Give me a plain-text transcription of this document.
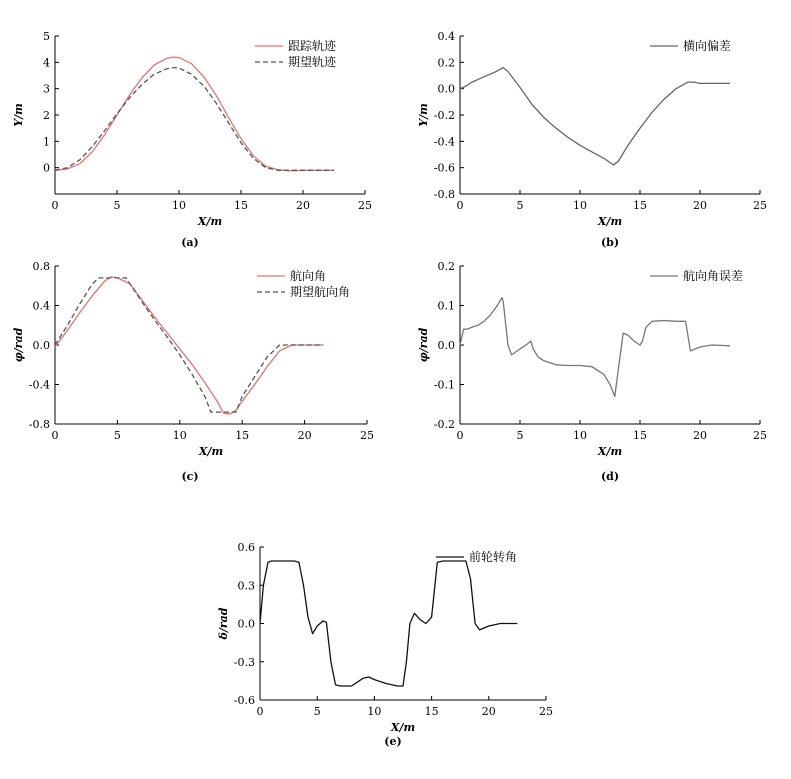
0	5	10	15	20	25
0
1
2
3
4
5
X/m
Y/m
跟踪轨迹
期望轨迹
(a)
0	5	10	15	20	25
0.4
0.2
0.0
-0.2
-0.4
-0.6
-0.8
X/m
Y/m
横向偏差
(b)
0	5	10	15	20	25
0.8
0.4
0.0
-0.4
-0.8
X/m
φ/rad
航向角
期望航向角
(c)
0	5	10	15	20	25
0.2
0.1
0.0
-0.1
-0.2
X/m
φ/rad
航向角误差
(d)
0	5	10	15	20	25
0.6
0.3
0.0
-0.3
-0.6
X/m
δ/rad
前轮转角
(e)
